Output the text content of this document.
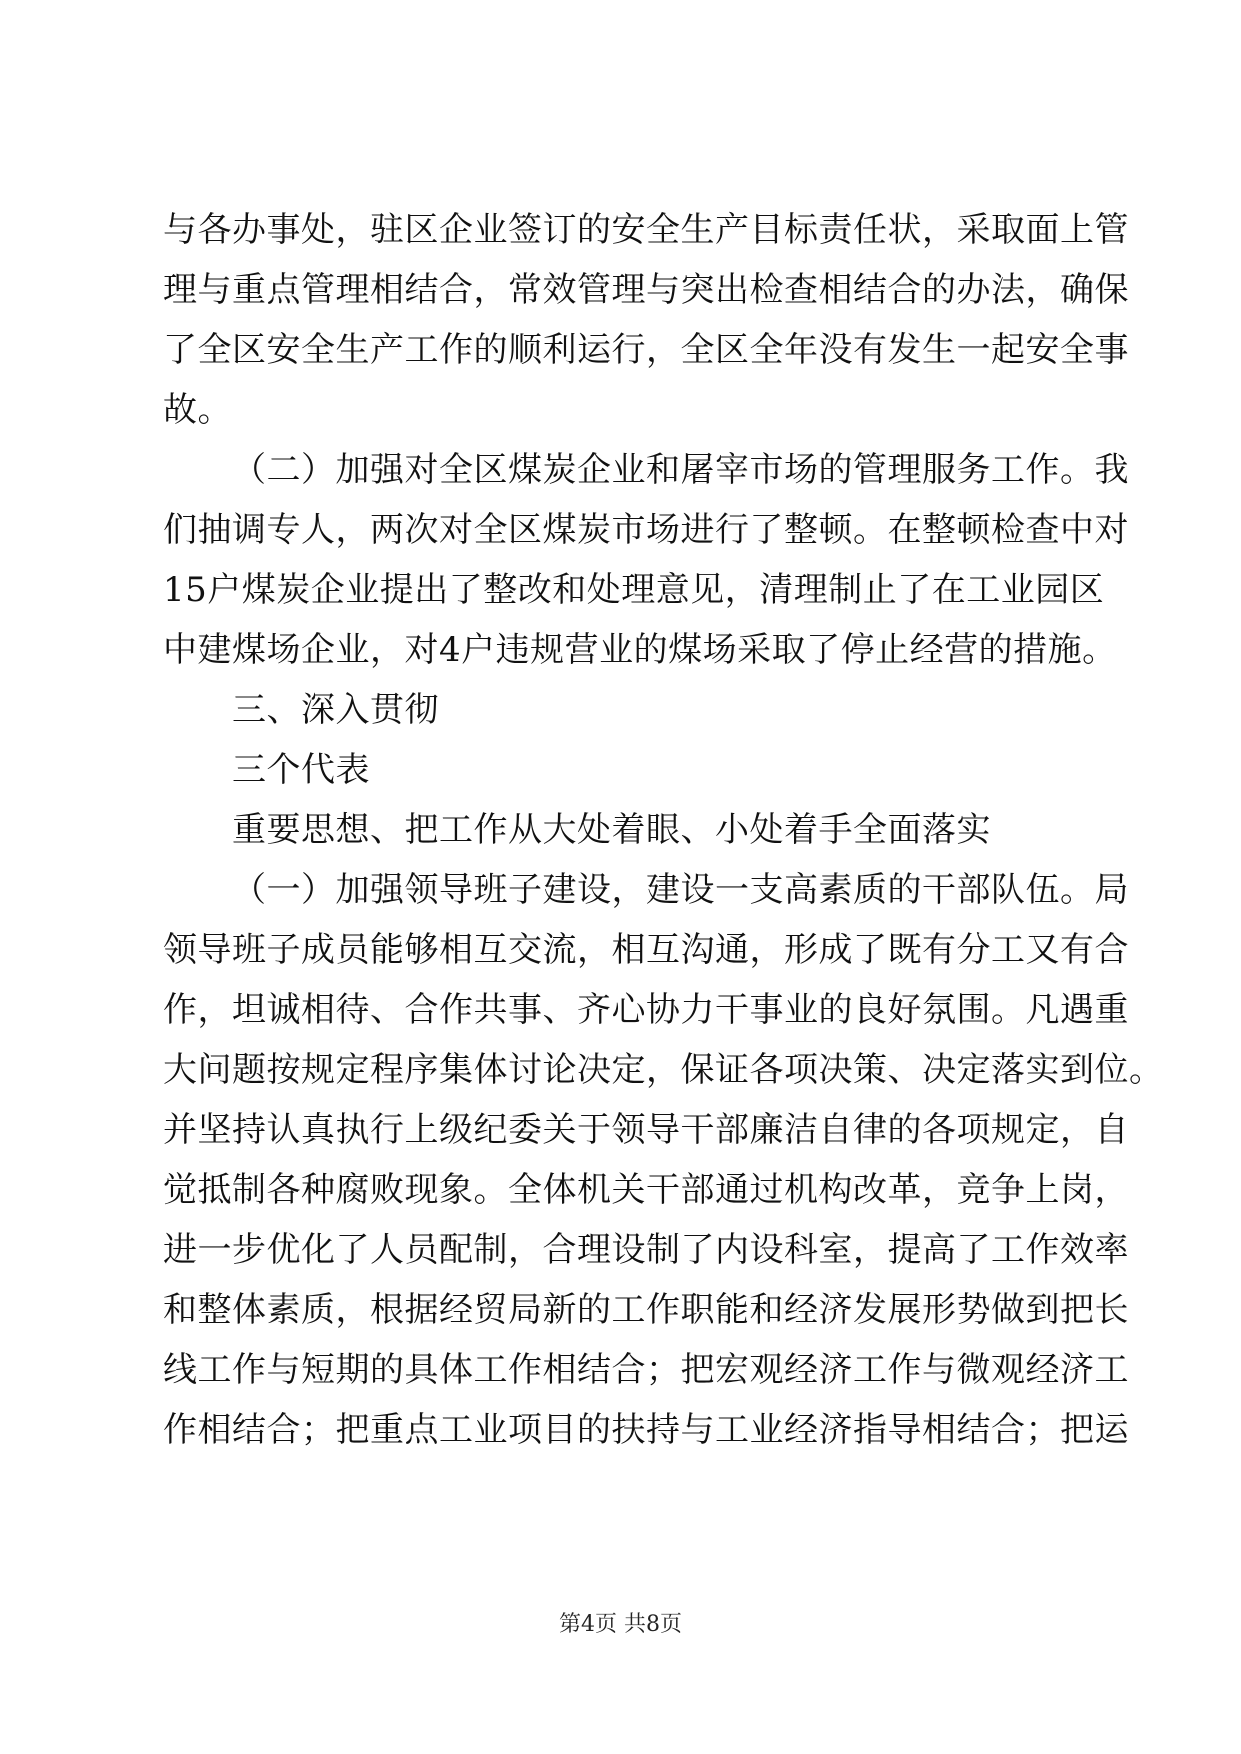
与各办事处，驻区企业签订的安全生产目标责任状，采取面上管
理与重点管理相结合，常效管理与突出检查相结合的办法，确保
了全区安全生产工作的顺利运行，全区全年没有发生一起安全事
故。
（二）加强对全区煤炭企业和屠宰市场的管理服务工作。我
们抽调专人，两次对全区煤炭市场进行了整顿。在整顿检查中对
15户煤炭企业提出了整改和处理意见，清理制止了在工业园区
中建煤场企业，对4户违规营业的煤场采取了停止经营的措施。
三、深入贯彻
三个代表
重要思想、把工作从大处着眼、小处着手全面落实
（一）加强领导班子建设，建设一支高素质的干部队伍。局
领导班子成员能够相互交流，相互沟通，形成了既有分工又有合
作，坦诚相待、合作共事、齐心协力干事业的良好氛围。凡遇重
大问题按规定程序集体讨论决定，保证各项决策、决定落实到位。
并坚持认真执行上级纪委关于领导干部廉洁自律的各项规定，自
觉抵制各种腐败现象。全体机关干部通过机构改革，竞争上岗，
进一步优化了人员配制，合理设制了内设科室，提高了工作效率
和整体素质，根据经贸局新的工作职能和经济发展形势做到把长
线工作与短期的具体工作相结合；把宏观经济工作与微观经济工
作相结合；把重点工业项目的扶持与工业经济指导相结合；把运
第4页 共8页
